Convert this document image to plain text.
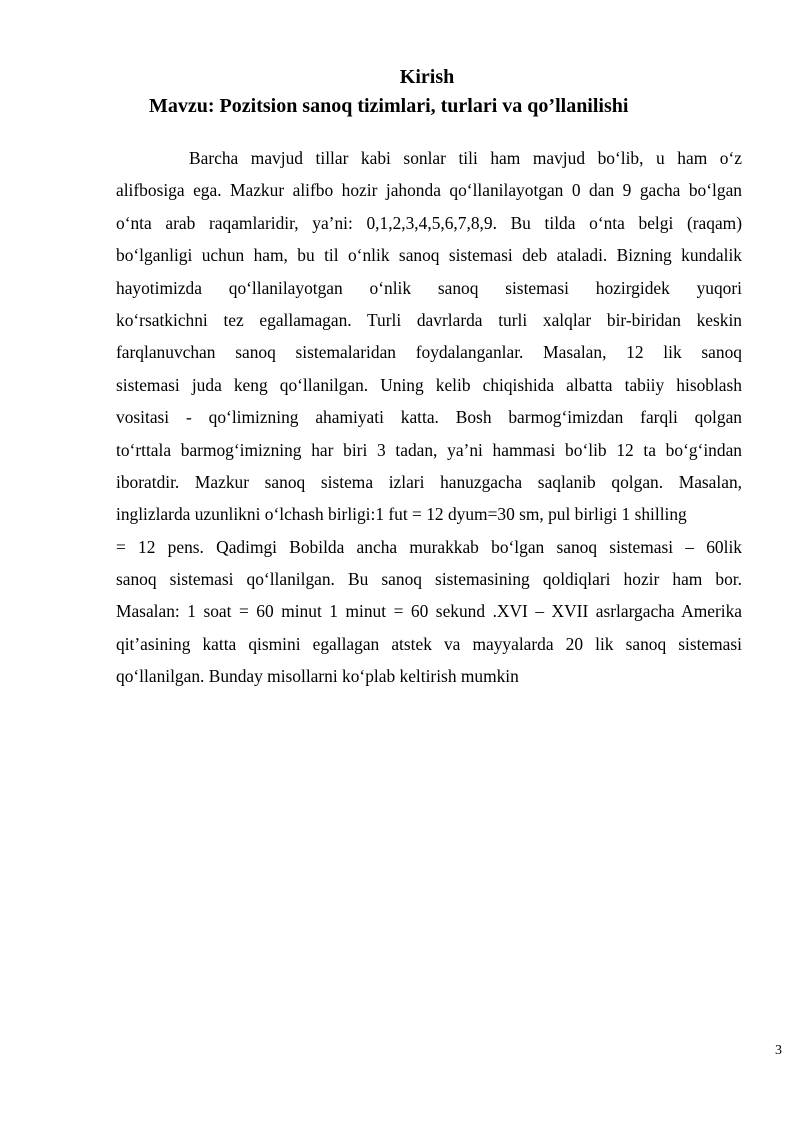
Kirish
Mavzu: Pozitsion sanoq tizimlari, turlari va qo’llanilishi
Barcha mavjud tillar kabi sonlar tili ham mavjud bo‘lib, u ham o‘z
alifbosiga ega. Mazkur alifbo hozir jahonda qo‘llanilayotgan 0 dan 9 gacha bo‘lgan
o‘nta arab raqamlaridir, ya’ni: 0,1,2,3,4,5,6,7,8,9. Bu tilda o‘nta belgi (raqam)
bo‘lganligi uchun ham, bu til o‘nlik sanoq sistemasi deb ataladi. Bizning kundalik
hayotimizda qo‘llanilayotgan o‘nlik sanoq sistemasi hozirgidek yuqori
ko‘rsatkichni tez egallamagan. Turli davrlarda turli xalqlar bir-biridan keskin
farqlanuvchan sanoq sistemalaridan foydalanganlar. Masalan, 12 lik sanoq
sistemasi juda keng qo‘llanilgan. Uning kelib chiqishida albatta tabiiy hisoblash
vositasi - qo‘limizning ahamiyati katta. Bosh barmog‘imizdan farqli qolgan
to‘rttala barmog‘imizning har biri 3 tadan, ya’ni hammasi bo‘lib 12 ta bo‘g‘indan
iboratdir. Mazkur sanoq sistema izlari hanuzgacha saqlanib qolgan. Masalan,
inglizlarda uzunlikni o‘lchash birligi:1 fut = 12 dyum=30 sm, pul birligi 1 shilling
= 12 pens. Qadimgi Bobilda ancha murakkab bo‘lgan sanoq sistemasi – 60lik
sanoq sistemasi qo‘llanilgan. Bu sanoq sistemasining qoldiqlari hozir ham bor.
Masalan: 1 soat = 60 minut 1 minut = 60 sekund .XVI – XVII asrlargacha Amerika
qit’asining katta qismini egallagan atstek va mayyalarda 20 lik sanoq sistemasi
qo‘llanilgan. Bunday misollarni ko‘plab keltirish mumkin
3
